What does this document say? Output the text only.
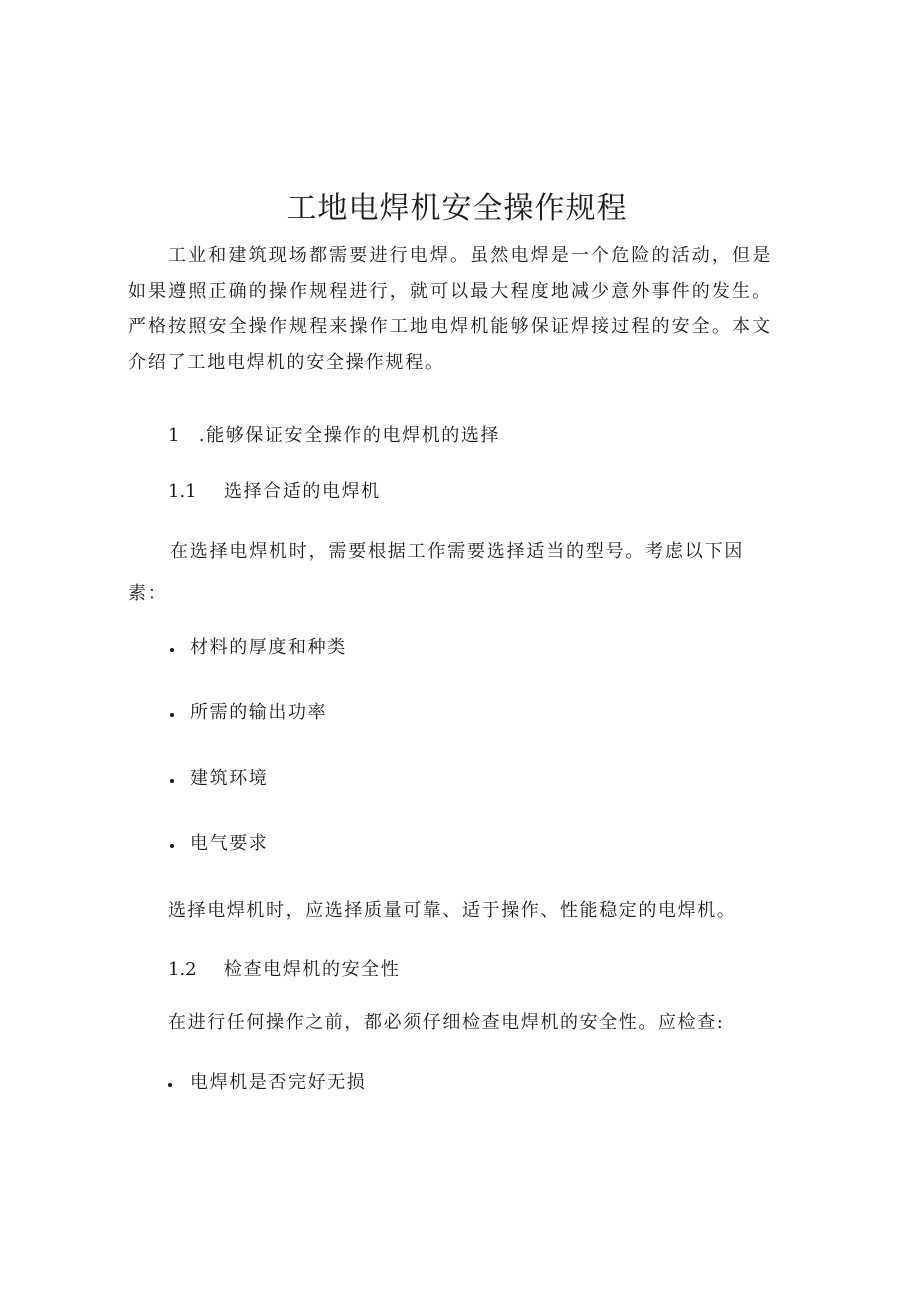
工地电焊机安全操作规程

工业和建筑现场都需要进行电焊。虽然电焊是一个危险的活动，但是如果遵照正确的操作规程进行，就可以最大程度地减少意外事件的发生。严格按照安全操作规程来操作工地电焊机能够保证焊接过程的安全。本文介绍了工地电焊机的安全操作规程。

1 .能够保证安全操作的电焊机的选择
1.1 选择合适的电焊机

在选择电焊机时，需要根据工作需要选择适当的型号。考虑以下因素：

材料的厚度和种类
所需的输出功率
建筑环境
电气要求
选择电焊机时，应选择质量可靠、适于操作、性能稳定的电焊机。
1.2 检查电焊机的安全性
在进行任何操作之前，都必须仔细检查电焊机的安全性。应检查:
电焊机是否完好无损
